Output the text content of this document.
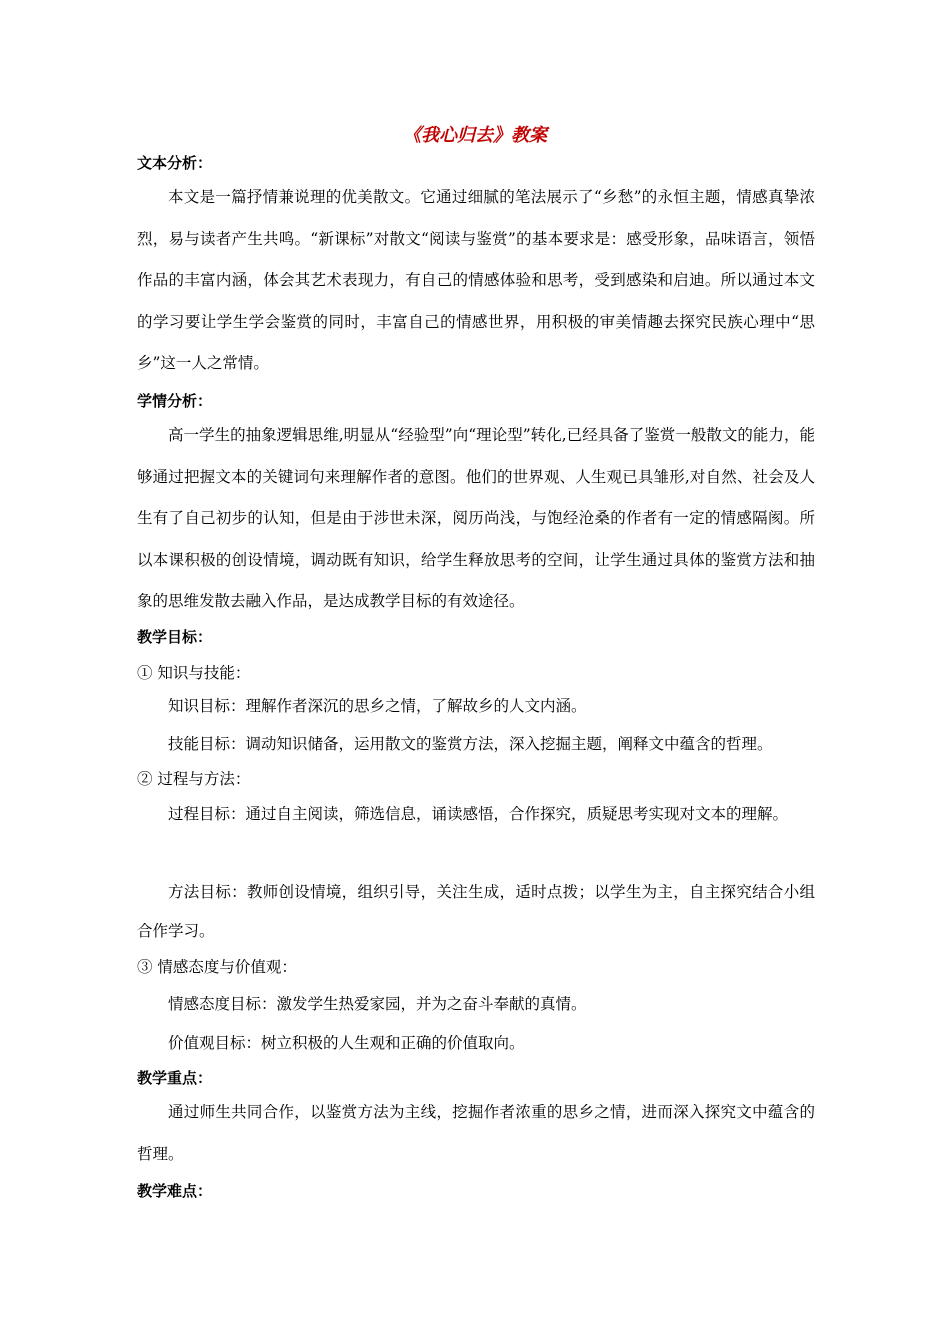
《我心归去》教案
文本分析：

本文是一篇抒情兼说理的优美散文。它通过细腻的笔法展示了“乡愁”的永恒主题，情感真挚浓烈，易与读者产生共鸣。“新课标”对散文“阅读与鉴赏”的基本要求是：感受形象，品味语言，领悟作品的丰富内涵，体会其艺术表现力，有自己的情感体验和思考，受到感染和启迪。所以通过本文的学习要让学生学会鉴赏的同时，丰富自己的情感世界，用积极的审美情趣去探究民族心理中“思乡”这一人之常情。

学情分析：

高一学生的抽象逻辑思维,明显从“经验型”向“理论型”转化,已经具备了鉴赏一般散文的能力，能够通过把握文本的关键词句来理解作者的意图。他们的世界观、人生观已具雏形,对自然、社会及人生有了自己初步的认知，但是由于涉世未深，阅历尚浅，与饱经沧桑的作者有一定的情感隔阂。所以本课积极的创设情境，调动既有知识，给学生释放思考的空间，让学生通过具体的鉴赏方法和抽象的思维发散去融入作品，是达成教学目标的有效途径。

教学目标：
① 知识与技能：

知识目标：理解作者深沉的思乡之情，了解故乡的人文内涵。

技能目标：调动知识储备，运用散文的鉴赏方法，深入挖掘主题，阐释文中蕴含的哲理。

② 过程与方法：

过程目标：通过自主阅读，筛选信息，诵读感悟，合作探究，质疑思考实现对文本的理解。

方法目标：教师创设情境，组织引导，关注生成，适时点拨；以学生为主，自主探究结合小组合作学习。

③ 情感态度与价值观：

情感态度目标：激发学生热爱家园，并为之奋斗奉献的真情。

价值观目标：树立积极的人生观和正确的价值取向。

教学重点：

通过师生共同合作，以鉴赏方法为主线，挖掘作者浓重的思乡之情，进而深入探究文中蕴含的哲理。

教学难点：
